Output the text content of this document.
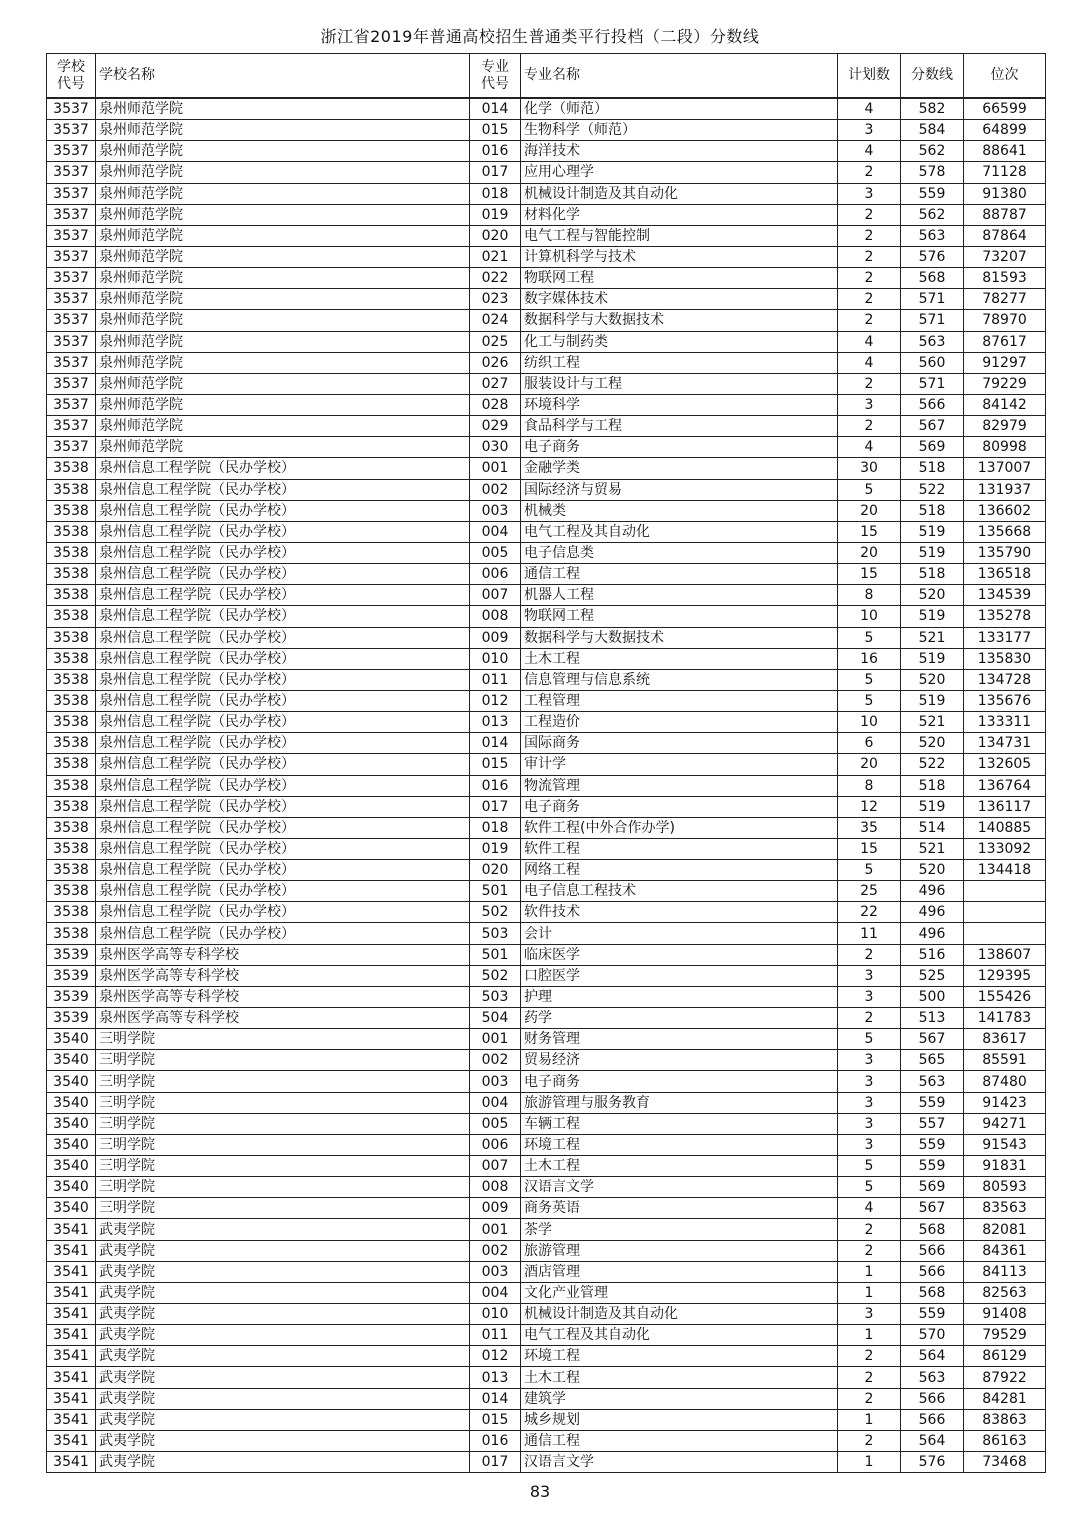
浙江省2019年普通高校招生普通类平行投档（二段）分数线
学校
代号	学校名称	专业
代号	专业名称	计划数	分数线	位次
3537	泉州师范学院	014	化学（师范）	4	582	66599
3537	泉州师范学院	015	生物科学（师范）	3	584	64899
3537	泉州师范学院	016	海洋技术	4	562	88641
3537	泉州师范学院	017	应用心理学	2	578	71128
3537	泉州师范学院	018	机械设计制造及其自动化	3	559	91380
3537	泉州师范学院	019	材料化学	2	562	88787
3537	泉州师范学院	020	电气工程与智能控制	2	563	87864
3537	泉州师范学院	021	计算机科学与技术	2	576	73207
3537	泉州师范学院	022	物联网工程	2	568	81593
3537	泉州师范学院	023	数字媒体技术	2	571	78277
3537	泉州师范学院	024	数据科学与大数据技术	2	571	78970
3537	泉州师范学院	025	化工与制药类	4	563	87617
3537	泉州师范学院	026	纺织工程	4	560	91297
3537	泉州师范学院	027	服装设计与工程	2	571	79229
3537	泉州师范学院	028	环境科学	3	566	84142
3537	泉州师范学院	029	食品科学与工程	2	567	82979
3537	泉州师范学院	030	电子商务	4	569	80998
3538	泉州信息工程学院（民办学校）	001	金融学类	30	518	137007
3538	泉州信息工程学院（民办学校）	002	国际经济与贸易	5	522	131937
3538	泉州信息工程学院（民办学校）	003	机械类	20	518	136602
3538	泉州信息工程学院（民办学校）	004	电气工程及其自动化	15	519	135668
3538	泉州信息工程学院（民办学校）	005	电子信息类	20	519	135790
3538	泉州信息工程学院（民办学校）	006	通信工程	15	518	136518
3538	泉州信息工程学院（民办学校）	007	机器人工程	8	520	134539
3538	泉州信息工程学院（民办学校）	008	物联网工程	10	519	135278
3538	泉州信息工程学院（民办学校）	009	数据科学与大数据技术	5	521	133177
3538	泉州信息工程学院（民办学校）	010	土木工程	16	519	135830
3538	泉州信息工程学院（民办学校）	011	信息管理与信息系统	5	520	134728
3538	泉州信息工程学院（民办学校）	012	工程管理	5	519	135676
3538	泉州信息工程学院（民办学校）	013	工程造价	10	521	133311
3538	泉州信息工程学院（民办学校）	014	国际商务	6	520	134731
3538	泉州信息工程学院（民办学校）	015	审计学	20	522	132605
3538	泉州信息工程学院（民办学校）	016	物流管理	8	518	136764
3538	泉州信息工程学院（民办学校）	017	电子商务	12	519	136117
3538	泉州信息工程学院（民办学校）	018	软件工程(中外合作办学)	35	514	140885
3538	泉州信息工程学院（民办学校）	019	软件工程	15	521	133092
3538	泉州信息工程学院（民办学校）	020	网络工程	5	520	134418
3538	泉州信息工程学院（民办学校）	501	电子信息工程技术	25	496	
3538	泉州信息工程学院（民办学校）	502	软件技术	22	496	
3538	泉州信息工程学院（民办学校）	503	会计	11	496	
3539	泉州医学高等专科学校	501	临床医学	2	516	138607
3539	泉州医学高等专科学校	502	口腔医学	3	525	129395
3539	泉州医学高等专科学校	503	护理	3	500	155426
3539	泉州医学高等专科学校	504	药学	2	513	141783
3540	三明学院	001	财务管理	5	567	83617
3540	三明学院	002	贸易经济	3	565	85591
3540	三明学院	003	电子商务	3	563	87480
3540	三明学院	004	旅游管理与服务教育	3	559	91423
3540	三明学院	005	车辆工程	3	557	94271
3540	三明学院	006	环境工程	3	559	91543
3540	三明学院	007	土木工程	5	559	91831
3540	三明学院	008	汉语言文学	5	569	80593
3540	三明学院	009	商务英语	4	567	83563
3541	武夷学院	001	茶学	2	568	82081
3541	武夷学院	002	旅游管理	2	566	84361
3541	武夷学院	003	酒店管理	1	566	84113
3541	武夷学院	004	文化产业管理	1	568	82563
3541	武夷学院	010	机械设计制造及其自动化	3	559	91408
3541	武夷学院	011	电气工程及其自动化	1	570	79529
3541	武夷学院	012	环境工程	2	564	86129
3541	武夷学院	013	土木工程	2	563	87922
3541	武夷学院	014	建筑学	2	566	84281
3541	武夷学院	015	城乡规划	1	566	83863
3541	武夷学院	016	通信工程	2	564	86163
3541	武夷学院	017	汉语言文学	1	576	73468
83
